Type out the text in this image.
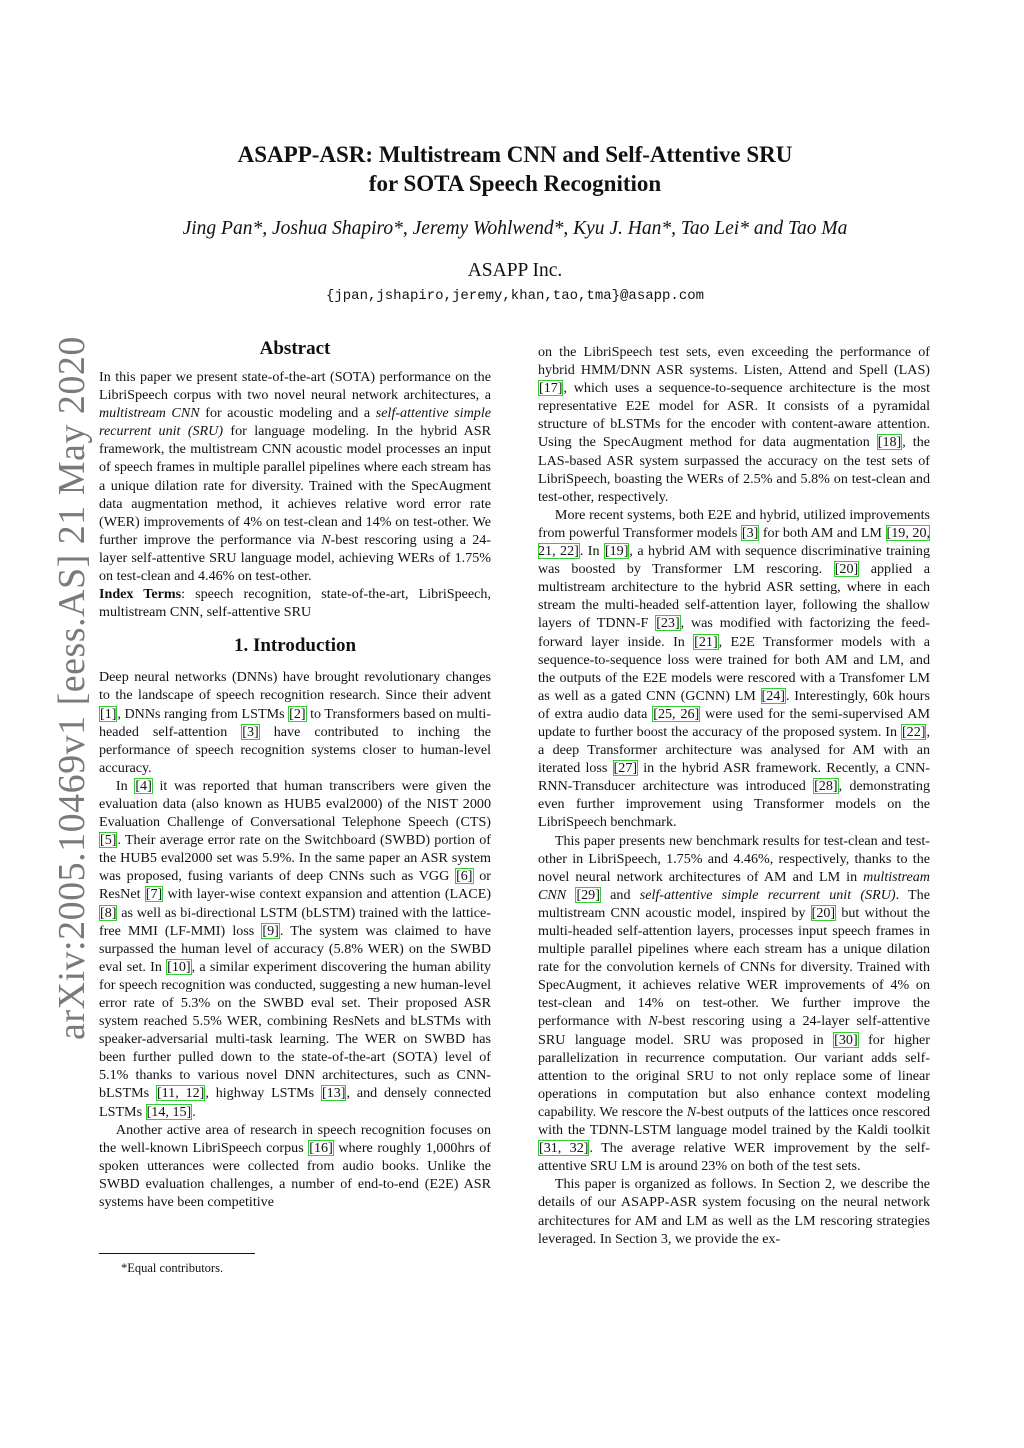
arXiv:2005.10469v1 [eess.AS] 21 May 2020
ASAPP-ASR: Multistream CNN and Self-Attentive SRU
for SOTA Speech Recognition
Jing Pan*, Joshua Shapiro*, Jeremy Wohlwend*, Kyu J. Han*, Tao Lei* and Tao Ma
ASAPP Inc.
{jpan,jshapiro,jeremy,khan,tao,tma}@asapp.com
Abstract

In this paper we present state-of-the-art (SOTA) performance on the LibriSpeech corpus with two novel neural network architectures, a multistream CNN for acoustic modeling and a self-attentive simple recurrent unit (SRU) for language modeling. In the hybrid ASR framework, the multistream CNN acoustic model processes an input of speech frames in multiple parallel pipelines where each stream has a unique dilation rate for diversity. Trained with the SpecAugment data augmentation method, it achieves relative word error rate (WER) improvements of 4% on test-clean and 14% on test-other. We further improve the performance via N-best rescoring using a 24-layer self-attentive SRU language model, achieving WERs of 1.75% on test-clean and 4.46% on test-other.

Index Terms: speech recognition, state-of-the-art, LibriSpeech, multistream CNN, self-attentive SRU

1. Introduction

Deep neural networks (DNNs) have brought revolutionary changes to the landscape of speech recognition research. Since their advent [1], DNNs ranging from LSTMs [2] to Transformers based on multi-headed self-attention [3] have contributed to inching the performance of speech recognition systems closer to human-level accuracy.

In [4] it was reported that human transcribers were given the evaluation data (also known as HUB5 eval2000) of the NIST 2000 Evaluation Challenge of Conversational Telephone Speech (CTS) [5]. Their average error rate on the Switchboard (SWBD) portion of the HUB5 eval2000 set was 5.9%. In the same paper an ASR system was proposed, fusing variants of deep CNNs such as VGG [6] or ResNet [7] with layer-wise context expansion and attention (LACE) [8] as well as bi-directional LSTM (bLSTM) trained with the lattice-free MMI (LF-MMI) loss [9]. The system was claimed to have surpassed the human level of accuracy (5.8% WER) on the SWBD eval set. In [10], a similar experiment discovering the human ability for speech recognition was conducted, suggesting a new human-level error rate of 5.3% on the SWBD eval set. Their proposed ASR system reached 5.5% WER, combining ResNets and bLSTMs with speaker-adversarial multi-task learning. The WER on SWBD has been further pulled down to the state-of-the-art (SOTA) level of 5.1% thanks to various novel DNN architectures, such as CNN-bLSTMs [11, 12], highway LSTMs [13], and densely connected LSTMs [14, 15].

Another active area of research in speech recognition focuses on the well-known LibriSpeech corpus [16] where roughly 1,000hrs of spoken utterances were collected from audio books. Unlike the SWBD evaluation challenges, a number of end-to-end (E2E) ASR systems have been competitive

on the LibriSpeech test sets, even exceeding the performance of hybrid HMM/DNN ASR systems. Listen, Attend and Spell (LAS) [17], which uses a sequence-to-sequence architecture is the most representative E2E model for ASR. It consists of a pyramidal structure of bLSTMs for the encoder with content-aware attention. Using the SpecAugment method for data augmentation [18], the LAS-based ASR system surpassed the accuracy on the test sets of LibriSpeech, boasting the WERs of 2.5% and 5.8% on test-clean and test-other, respectively.

More recent systems, both E2E and hybrid, utilized improvements from powerful Transformer models [3] for both AM and LM [19, 20, 21, 22]. In [19], a hybrid AM with sequence discriminative training was boosted by Transformer LM rescoring. [20] applied a multistream architecture to the hybrid ASR setting, where in each stream the multi-headed self-attention layer, following the shallow layers of TDNN-F [23], was modified with factorizing the feed-forward layer inside. In [21], E2E Transformer models with a sequence-to-sequence loss were trained for both AM and LM, and the outputs of the E2E models were rescored with a Transfomer LM as well as a gated CNN (GCNN) LM [24]. Interestingly, 60k hours of extra audio data [25, 26] were used for the semi-supervised AM update to further boost the accuracy of the proposed system. In [22], a deep Transformer architecture was analysed for AM with an iterated loss [27] in the hybrid ASR framework. Recently, a CNN-RNN-Transducer architecture was introduced [28], demonstrating even further improvement using Transformer models on the LibriSpeech benchmark.

This paper presents new benchmark results for test-clean and test-other in LibriSpeech, 1.75% and 4.46%, respectively, thanks to the novel neural network architectures of AM and LM in multistream CNN [29] and self-attentive simple recurrent unit (SRU). The multistream CNN acoustic model, inspired by [20] but without the multi-headed self-attention layers, processes input speech frames in multiple parallel pipelines where each stream has a unique dilation rate for the convolution kernels of CNNs for diversity. Trained with SpecAugment, it achieves relative WER improvements of 4% on test-clean and 14% on test-other. We further improve the performance with N-best rescoring using a 24-layer self-attentive SRU language model. SRU was proposed in [30] for higher parallelization in recurrence computation. Our variant adds self-attention to the original SRU to not only replace some of linear operations in computation but also enhance context modeling capability. We rescore the N-best outputs of the lattices once rescored with the TDNN-LSTM language model trained by the Kaldi toolkit [31, 32]. The average relative WER improvement by the self-attentive SRU LM is around 23% on both of the test sets.

This paper is organized as follows. In Section 2, we describe the details of our ASAPP-ASR system focusing on the neural network architectures for AM and LM as well as the LM rescoring strategies leveraged. In Section 3, we provide the ex-

*Equal contributors.
